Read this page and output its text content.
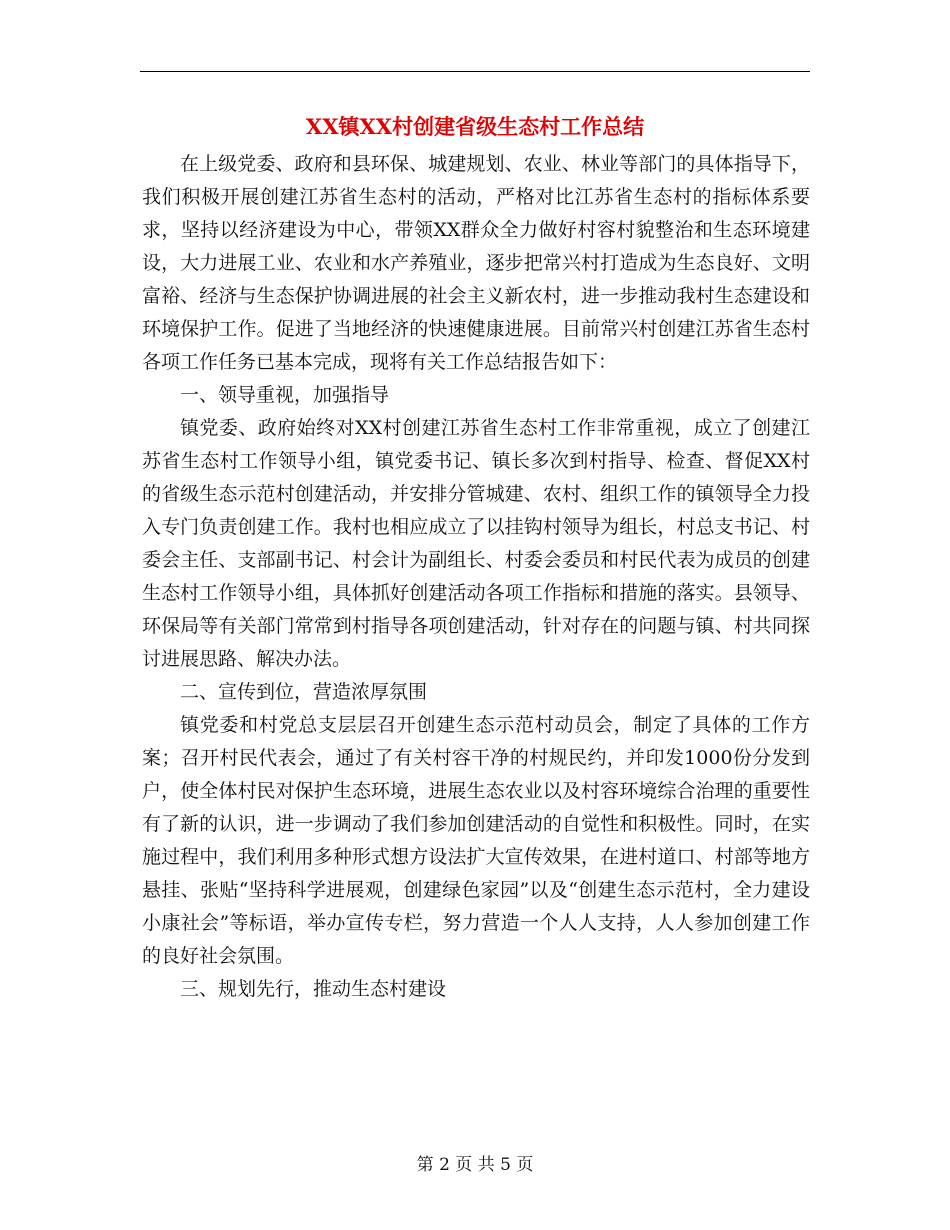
XX镇XX村创建省级生态村工作总结

在上级党委、政府和县环保、城建规划、农业、林业等部门的具体指导下，我们积极开展创建江苏省生态村的活动，严格对比江苏省生态村的指标体系要求，坚持以经济建设为中心，带领XX群众全力做好村容村貌整治和生态环境建设，大力进展工业、农业和水产养殖业，逐步把常兴村打造成为生态良好、文明富裕、经济与生态保护协调进展的社会主义新农村，进一步推动我村生态建设和环境保护工作。促进了当地经济的快速健康进展。目前常兴村创建江苏省生态村各项工作任务已基本完成，现将有关工作总结报告如下：

一、领导重视，加强指导

镇党委、政府始终对XX村创建江苏省生态村工作非常重视，成立了创建江苏省生态村工作领导小组，镇党委书记、镇长多次到村指导、检查、督促XX村的省级生态示范村创建活动，并安排分管城建、农村、组织工作的镇领导全力投入专门负责创建工作。我村也相应成立了以挂钩村领导为组长，村总支书记、村委会主任、支部副书记、村会计为副组长、村委会委员和村民代表为成员的创建生态村工作领导小组，具体抓好创建活动各项工作指标和措施的落实。县领导、环保局等有关部门常常到村指导各项创建活动，针对存在的问题与镇、村共同探讨进展思路、解决办法。

二、宣传到位，营造浓厚氛围

镇党委和村党总支层层召开创建生态示范村动员会，制定了具体的工作方案；召开村民代表会，通过了有关村容干净的村规民约，并印发1000份分发到户，使全体村民对保护生态环境，进展生态农业以及村容环境综合治理的重要性有了新的认识，进一步调动了我们参加创建活动的自觉性和积极性。同时，在实施过程中，我们利用多种形式想方设法扩大宣传效果，在进村道口、村部等地方悬挂、张贴“坚持科学进展观，创建绿色家园”以及“创建生态示范村，全力建设小康社会”等标语，举办宣传专栏，努力营造一个人人支持，人人参加创建工作的良好社会氛围。

三、规划先行，推动生态村建设

第 2 页 共 5 页
